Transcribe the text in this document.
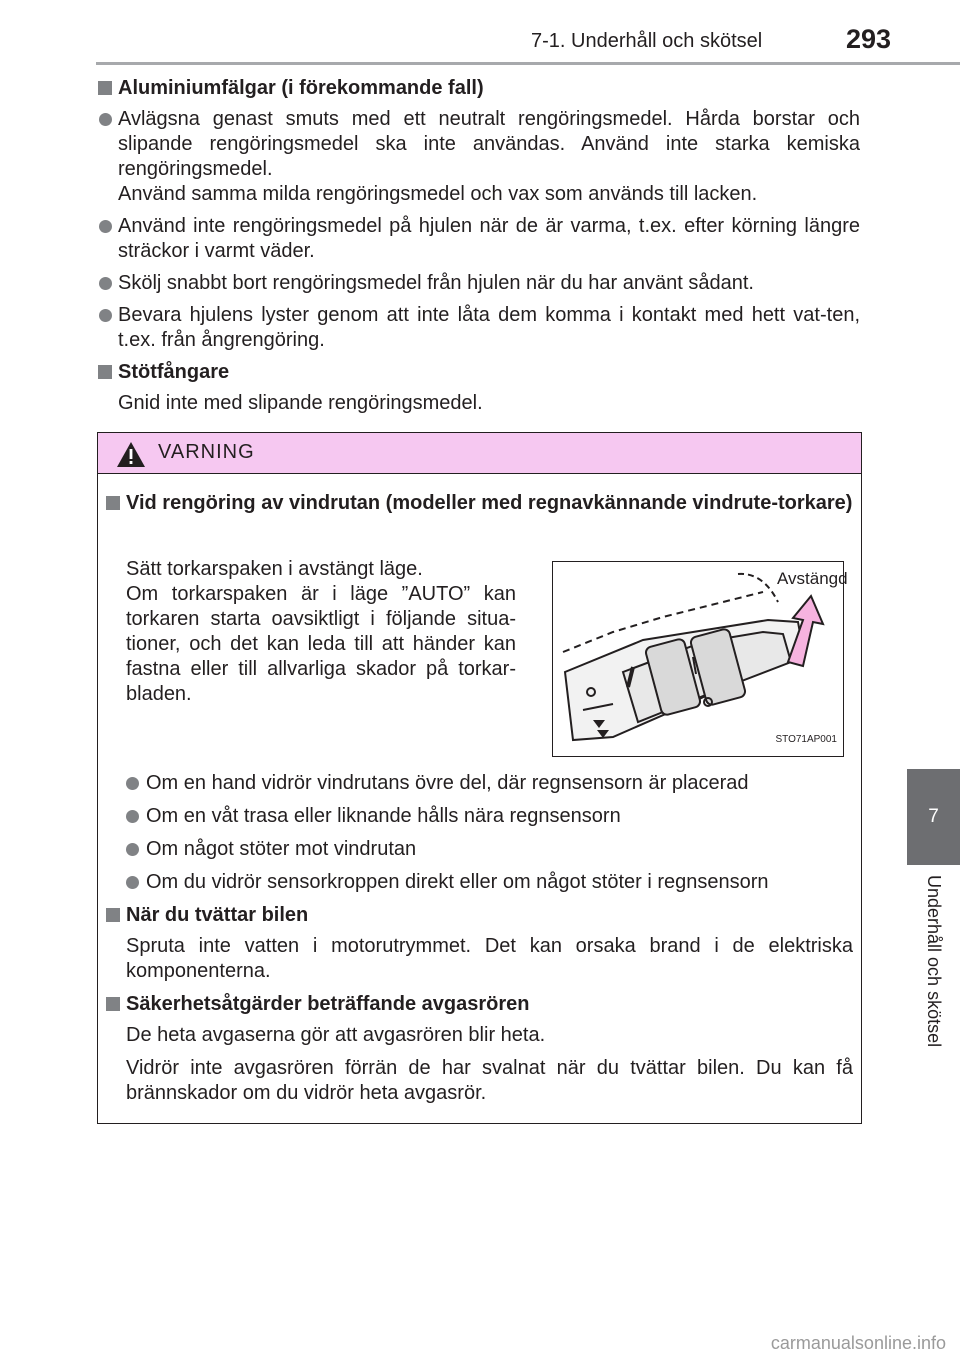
7-1. Underhåll och skötsel	293
7
Underhåll och skötsel
Aluminiumfälgar (i förekommande fall)
Avlägsna genast smuts med ett neutralt rengöringsmedel. Hårda borstar och slipande rengöringsmedel ska inte användas. Använd inte starka kemiska rengöringsmedel.
Använd samma milda rengöringsmedel och vax som används till lacken.
Använd inte rengöringsmedel på hjulen när de är varma, t.ex. efter körning längre sträckor i varmt väder.
Skölj snabbt bort rengöringsmedel från hjulen när du har använt sådant.
Bevara hjulens lyster genom att inte låta dem komma i kontakt med hett vat-ten, t.ex. från ångrengöring.
Stötfångare
Gnid inte med slipande rengöringsmedel.
VARNING
Vid rengöring av vindrutan (modeller med regnavkännande vindrute-torkare)
Sätt torkarspaken i avstängt läge.
Om torkarspaken är i läge ”AUTO” kan torkaren starta oavsiktligt i följande situa-tioner, och det kan leda till att händer kan fastna eller till allvarliga skador på torkar-bladen.
Avstängd
STO71AP001
Om en hand vidrör vindrutans övre del, där regnsensorn är placerad
Om en våt trasa eller liknande hålls nära regnsensorn
Om något stöter mot vindrutan
Om du vidrör sensorkroppen direkt eller om något stöter i regnsensorn
När du tvättar bilen
Spruta inte vatten i motorutrymmet. Det kan orsaka brand i de elektriska komponenterna.
Säkerhetsåtgärder beträffande avgasrören
De heta avgaserna gör att avgasrören blir heta.
Vidrör inte avgasrören förrän de har svalnat när du tvättar bilen. Du kan få brännskador om du vidrör heta avgasrör.
carmanualsonline.info
